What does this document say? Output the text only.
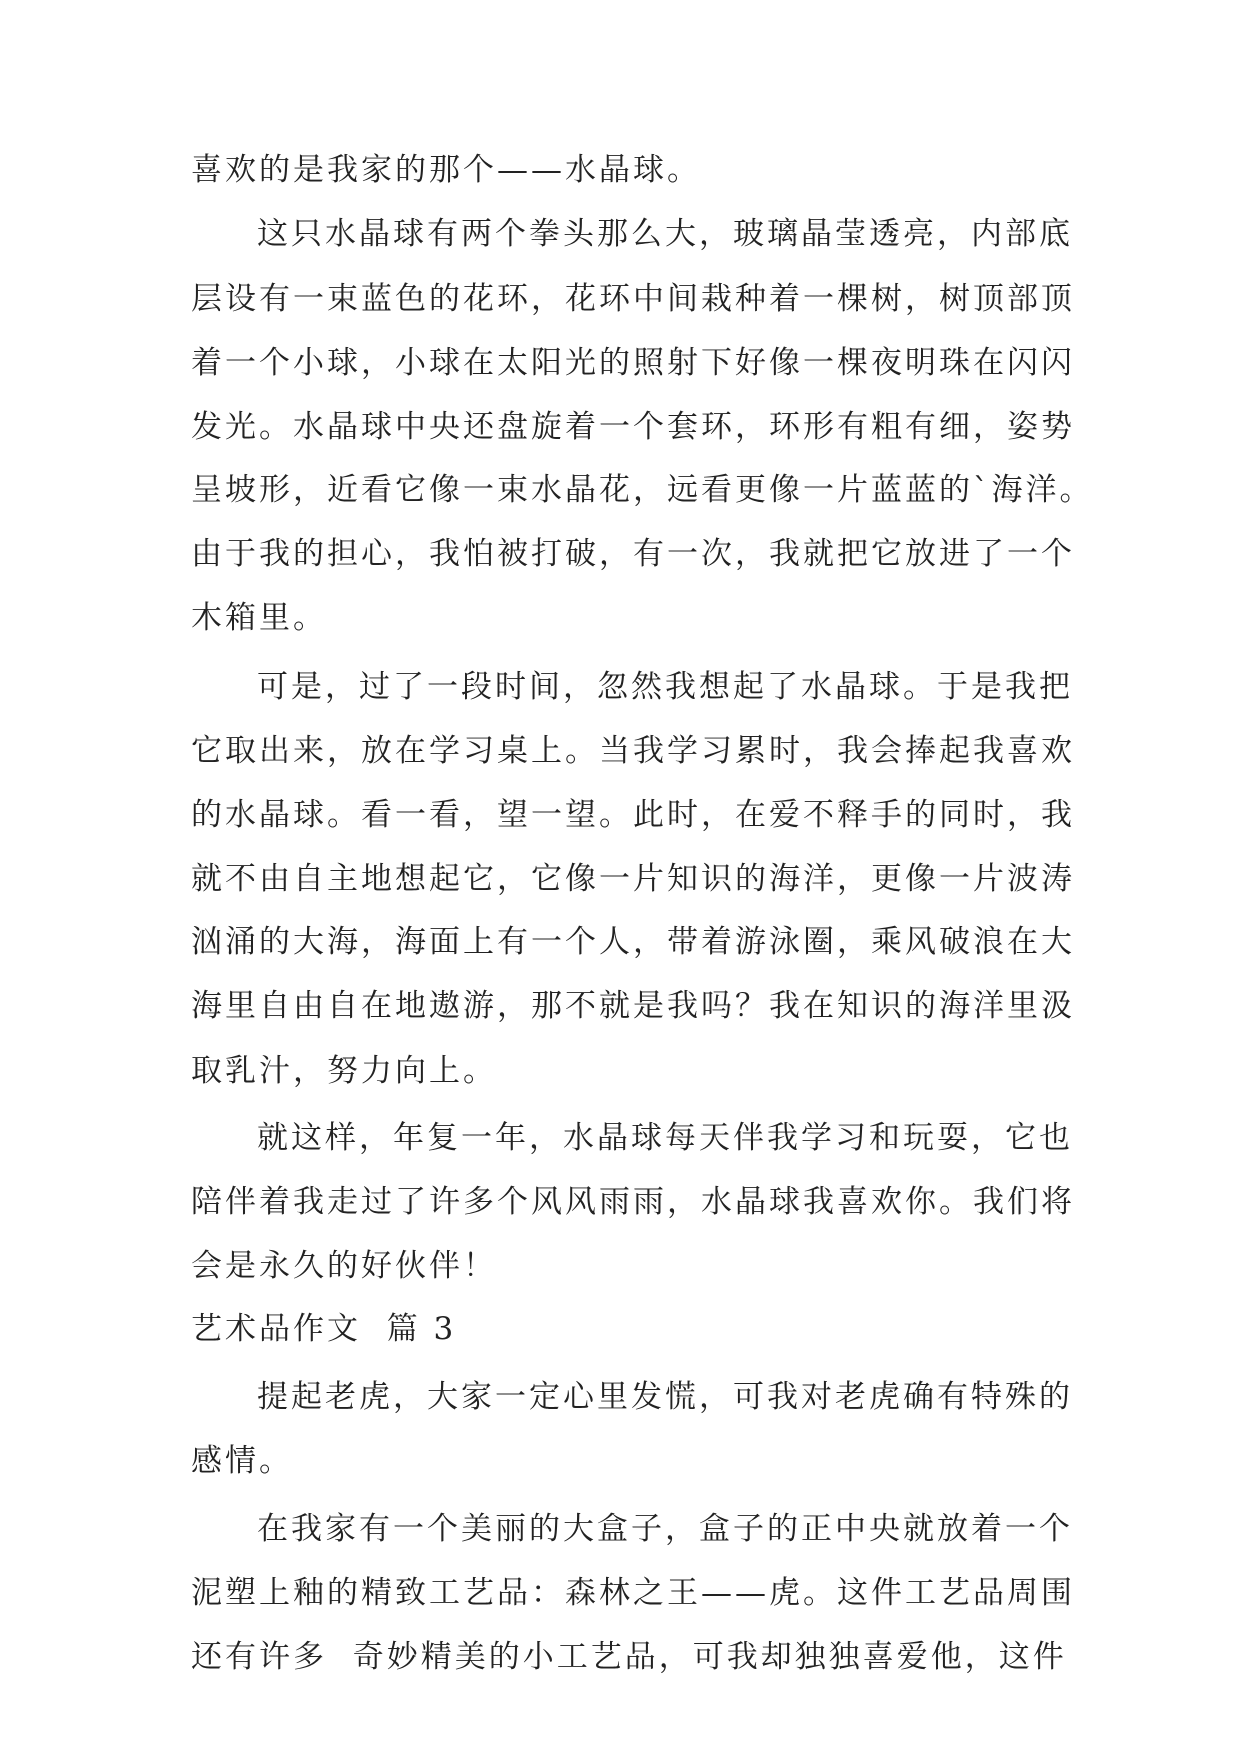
喜欢的是我家的那个——水晶球。
这只水晶球有两个拳头那么大，玻璃晶莹透亮，内部底
层设有一束蓝色的花环，花环中间栽种着一棵树，树顶部顶
着一个小球，小球在太阳光的照射下好像一棵夜明珠在闪闪
发光。水晶球中央还盘旋着一个套环，环形有粗有细，姿势
呈坡形，近看它像一束水晶花，远看更像一片蓝蓝的`海洋。
由于我的担心，我怕被打破，有一次，我就把它放进了一个
木箱里。
可是，过了一段时间，忽然我想起了水晶球。于是我把
它取出来，放在学习桌上。当我学习累时，我会捧起我喜欢
的水晶球。看一看，望一望。此时，在爱不释手的同时，我
就不由自主地想起它，它像一片知识的海洋，更像一片波涛
汹涌的大海，海面上有一个人，带着游泳圈，乘风破浪在大
海里自由自在地遨游，那不就是我吗？我在知识的海洋里汲
取乳汁，努力向上。
就这样，年复一年，水晶球每天伴我学习和玩耍，它也
陪伴着我走过了许多个风风雨雨，水晶球我喜欢你。我们将
会是永久的好伙伴！
艺术品作文  篇 3
提起老虎，大家一定心里发慌，可我对老虎确有特殊的
感情。
在我家有一个美丽的大盒子，盒子的正中央就放着一个
泥塑上釉的精致工艺品：森林之王——虎。这件工艺品周围
还有许多  奇妙精美的小工艺品，可我却独独喜爱他，这件
